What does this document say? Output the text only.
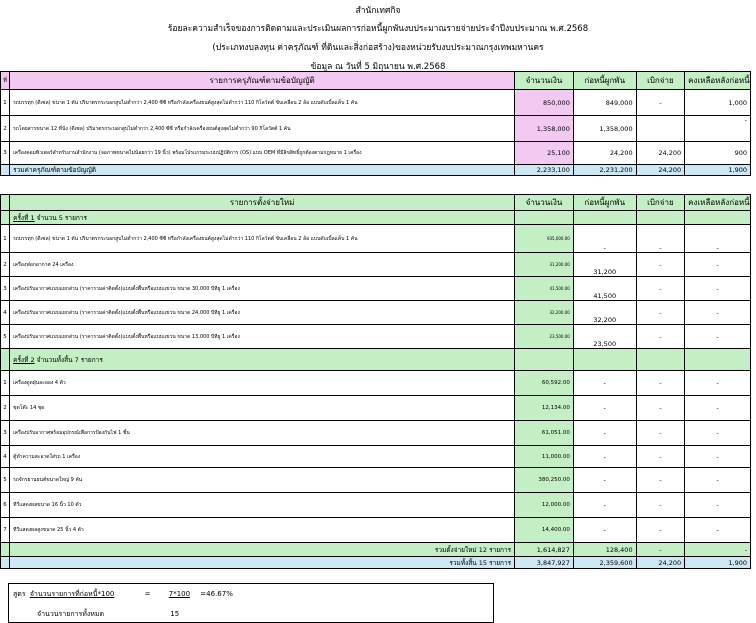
สำนักเทศกิจ
ร้อยละความสำเร็จของการติดตามและประเมินผลการก่อหนี้ผูกพันงบประมาณรายจ่ายประจำปีงบประมาณ พ.ศ.2568
(ประเภทงบลงทุน ค่าครุภัณฑ์ ที่ดินและสิ่งก่อสร้าง)ของหน่วยรับงบประมาณกรุงเทพมหานคร
ข้อมูล ณ วันที่ 5 มิถุนายน พ.ศ.2568
ที่	รายการครุภัณฑ์ตามข้อบัญญัติ	จำนวนเงิน	ก่อหนี้ผูกพัน	เบิกจ่าย	คงเหลือหลังก่อหนี้
1	รถบรรทุก (ดีเซล) ขนาด 1 ตัน ปริมาตรกระบอกสูบไม่ต่ำกว่า 2,400 ซีซี หรือกำลังเครื่องยนต์สูงสุดไม่ต่ำกว่า 110 กิโลวัตต์ ขับเคลื่อน 2 ล้อ แบบดับเบิ้ลแค็บ 1 คัน	850,000	849,000	-	1,000
2	รถโดยสารขนาด 12 ที่นั่ง (ดีเซล) ปริมาตรกระบอกสูบไม่ต่ำกว่า 2,400 ซีซี หรือกำลังเครื่องยนต์สูงสุดไม่ต่ำกว่า 90 กิโลวัตต์ 1 คัน	1,358,000	1,358,000		-
3	เครื่องคอมพิวเตอร์สำหรับงานสำนักงาน (จอภาพขนาดไม่น้อยกว่า 19 นิ้ว) พร้อมโปรแกรมระบบปฏิบัติการ (OS) แบบ OEM ที่มีลิขสิทธิ์ถูกต้องตามกฎหมาย 1 เครื่อง	25,100	24,200	24,200	900
	รวมค่าครุภัณฑ์ตามข้อบัญญัติ	2,233,100	2,231,200	24,200	1,900
	รายการตั้งจ่ายใหม่	จำนวนเงิน	ก่อหนี้ผูกพัน	เบิกจ่าย	คงเหลือหลังก่อหนี้
	ครั้งที่ 1 จำนวน 5 รายการ				
1	รถบรรทุก (ดีเซล) ขนาด 1 ตัน ปริมาตรกระบอกสูบไม่ต่ำกว่า 2,400 ซีซี หรือกำลังเครื่องยนต์สูงสุดไม่ต่ำกว่า 110 กิโลวัตต์ ขับเคลื่อน 2 ล้อ แบบดับเบิ้ลแค็บ 1 คัน	935,000.00	-	-	-
2	เครื่องฟอกอากาศ 24 เครื่อง	31,200.00	31,200	-	-
3	เครื่องปรับอากาศแบบแยกส่วน (ราคารวมค่าติดตั้ง)แบบตั้งพื้นหรือแบบแขวน ขนาด 30,000 บีทียู 1 เครื่อง	41,500.00	41,500	-	-
4	เครื่องปรับอากาศแบบแยกส่วน (ราคารวมค่าติดตั้ง)แบบตั้งพื้นหรือแบบแขวน ขนาด 24,000 บีทียู 1 เครื่อง	32,200.00	32,200	-	-
5	เครื่องปรับอากาศแบบแยกส่วน (ราคารวมค่าติดตั้ง)แบบตั้งพื้นหรือแบบแขวน ขนาด 13,000 บีทียู 1 เครื่อง	23,500.00	23,500	-	-
	ครั้งที่ 2 จำนวนทั้งสิ้น 7 รายการ				
1	เครื่องดูดฝุ่นละออง 4 ตัว	60,592.00	-	-	-
2	ชุดโต๊ะ 14 ชุด	12,134.00	-	-	-
3	เครื่องปรับอากาศพร้อมอุปกรณ์เพื่อการป้องกันไฟ 1 ชิ้น	61,051.00	-	-	-
4	ตู้ทำความสะอาดใส่รถ 1 เครื่อง	11,000.00	-	-	-
5	รถจักรยานยนต์ขนาดใหญ่ 9 คัน	380,250.00	-	-	-
6	ทีวีแสดงผลขนาด 16 นิ้ว 10 ตัว	12,000.00	-	-	-
7	ทีวีแสดงผลสูงขนาด 25 นิ้ว 4 ตัว	14,400.00	-	-	-
	รวมตั้งจ่ายใหม่ 12 รายการ	1,614,827	128,400	-	-
	รวมทั้งสิ้น 15 รายการ	3,847,927	2,359,600	24,200	1,900
สูตร จำนวนรายการที่ก่อหนี้*100	=	7*100 =46.67%
จำนวนรายการทั้งหมด	15
